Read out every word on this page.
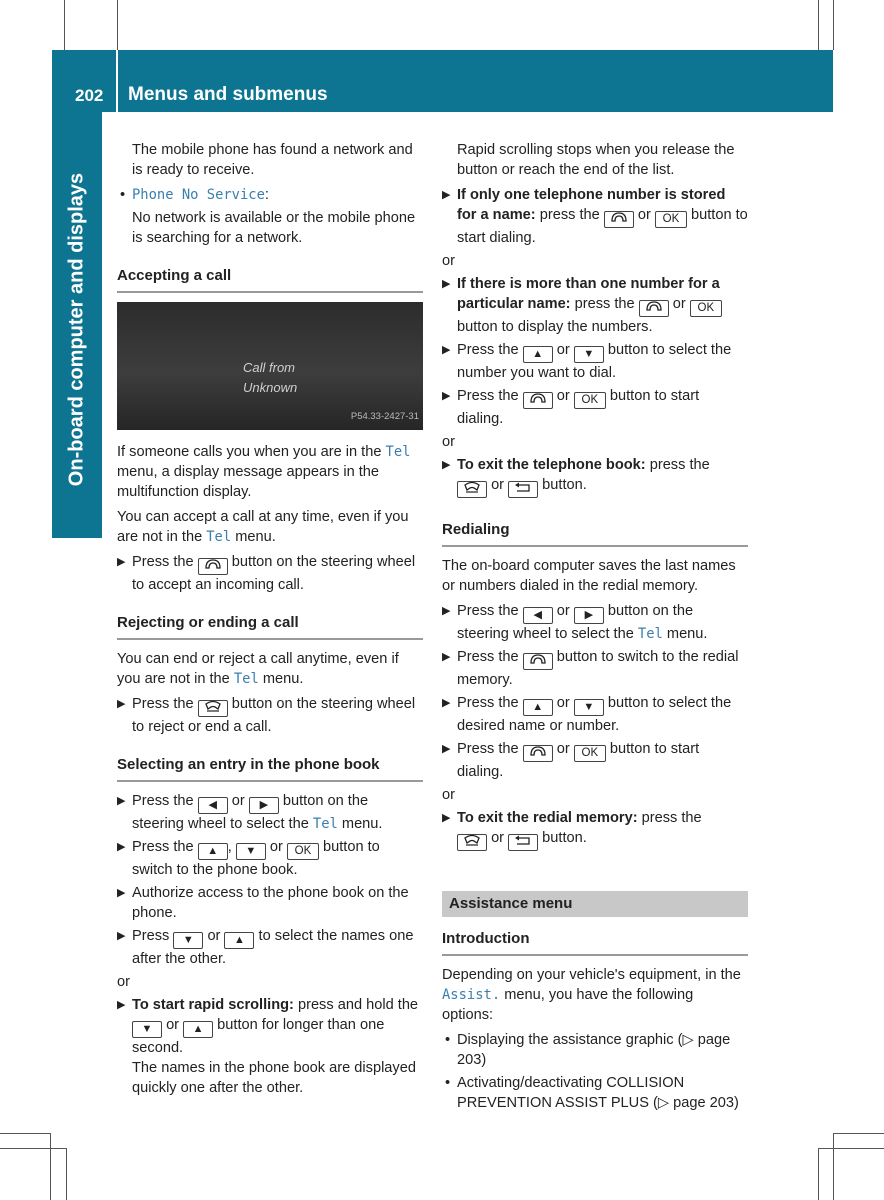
202 Menus and submenus
On-board computer and displays

The mobile phone has found a network and is ready to receive.

• Phone No Service:

No network is available or the mobile phone is searching for a network.

Accepting a call
Call from
Unknown
P54.33-2427-31

If someone calls you when you are in the Tel menu, a display message appears in the multifunction display.

You can accept a call at any time, even if you are not in the Tel menu.

▶ Press the	button on the steering wheel to accept an incoming call.
Rejecting or ending a call

You can end or reject a call anytime, even if you are not in the Tel menu.

▶ Press the	button on the steering wheel to reject or end a call.
Selecting an entry in the phone book
▶ Press the ◀ or ▶ button on the steering wheel to select the Tel menu.
▶ Press the ▲ , ▼ or OK button to switch to the phone book.
▶ Authorize access to the phone book on the phone.
▶ Press ▼ or ▲ to select the names one after the other.
or
▶ To start rapid scrolling: press and hold the ▼ or ▲ button for longer than one second.
The names in the phone book are displayed quickly one after the other.

Rapid scrolling stops when you release the button or reach the end of the list.

▶ If only one telephone number is stored for a name: press the	or OK button to start dialing.
or
▶ If there is more than one number for a particular name: press the	or OK button to display the numbers.
▶ Press the ▲ or ▼ button to select the number you want to dial.
▶ Press the	or OK button to start dialing.
or
▶ To exit the telephone book: press the
or	button.
Redialing

The on-board computer saves the last names or numbers dialed in the redial memory.

▶ Press the ◀ or ▶ button on the steering wheel to select the Tel menu.
▶ Press the	button to switch to the redial memory.
▶ Press the ▲ or ▼ button to select the desired name or number.
▶ Press the	or OK button to start dialing.
or
▶ To exit the redial memory: press the
or	button.
Assistance menu
Introduction

Depending on your vehicle's equipment, in the Assist. menu, you have the following options:

• Displaying the assistance graphic (▷ page 203)
• Activating/deactivating COLLISION PREVENTION ASSIST PLUS (▷ page 203)
